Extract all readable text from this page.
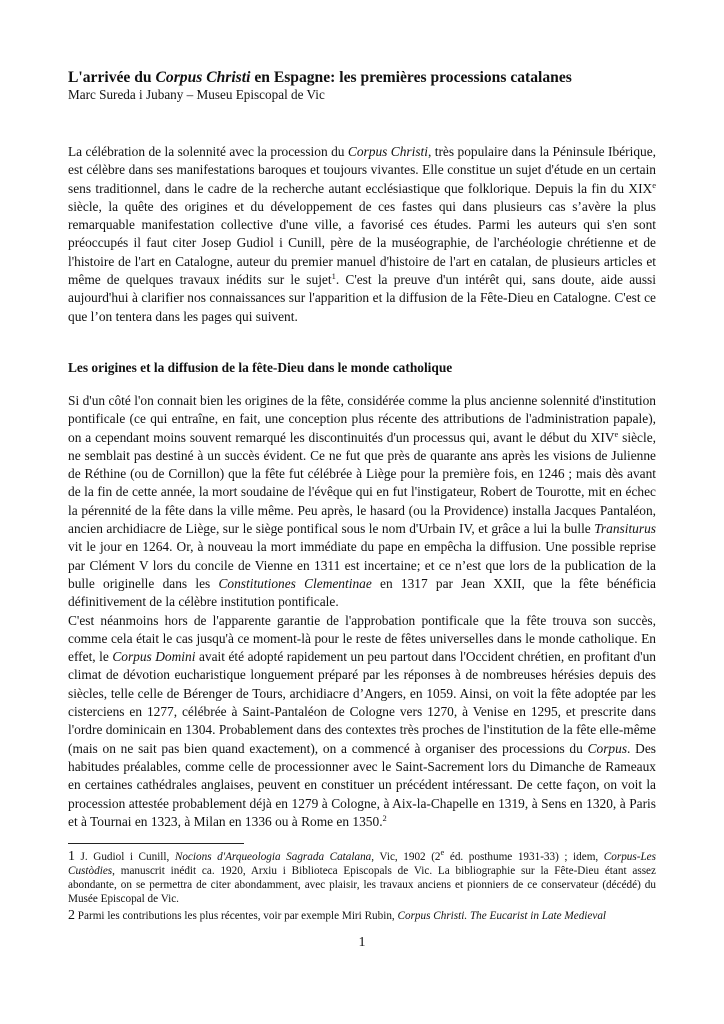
L'arrivée du Corpus Christi en Espagne: les premières processions catalanes

Marc Sureda i Jubany – Museu Episcopal de Vic

La célébration de la solennité avec la procession du Corpus Christi, très populaire dans la Péninsule Ibérique, est célèbre dans ses manifestations baroques et toujours vivantes. Elle constitue un sujet d'étude en un certain sens traditionnel, dans le cadre de la recherche autant ecclésiastique que folklorique. Depuis la fin du XIXe siècle, la quête des origines et du développement de ces fastes qui dans plusieurs cas s’avère la plus remarquable manifestation collective d'une ville, a favorisé ces études. Parmi les auteurs qui s'en sont préoccupés il faut citer Josep Gudiol i Cunill, père de la muséographie, de l'archéologie chrétienne et de l'histoire de l'art en Catalogne, auteur du premier manuel d'histoire de l'art en catalan, de plusieurs articles et même de quelques travaux inédits sur le sujet$^1$. C'est la preuve d'un intérêt qui, sans doute, aide aussi aujourd'hui à clarifier nos connaissances sur l'apparition et la diffusion de la Fête-Dieu en Catalogne. C'est ce que l’on tentera dans les pages qui suivent.

Les origines et la diffusion de la fête-Dieu dans le monde catholique

Si d'un côté l'on connait bien les origines de la fête, considérée comme la plus ancienne solennité d'institution pontificale (ce qui entraîne, en fait, une conception plus récente des attributions de l'administration papale), on a cependant moins souvent remarqué les discontinuités d'un processus qui, avant le début du XIVe siècle, ne semblait pas destiné à un succès évident. Ce ne fut que près de quarante ans après les visions de Julienne de Réthine (ou de Cornillon) que la fête fut célébrée à Liège pour la première fois, en 1246 ; mais dès avant de la fin de cette année, la mort soudaine de l'évêque qui en fut l'instigateur, Robert de Tourotte, mit en échec la pérennité de la fête dans la ville même. Peu après, le hasard (ou la Providence) installa Jacques Pantaléon, ancien archidiacre de Liège, sur le siège pontifical sous le nom d'Urbain IV, et grâce a lui la bulle Transiturus vit le jour en 1264. Or, à nouveau la mort immédiate du pape en empêcha la diffusion. Une possible reprise par Clément V lors du concile de Vienne en 1311 est incertaine; et ce n’est que lors de la publication de la bulle originelle dans les Constitutiones Clementinae en 1317 par Jean XXII, que la fête bénéficia définitivement de la célèbre institution pontificale.

C'est néanmoins hors de l'apparente garantie de l'approbation pontificale que la fête trouva son succès, comme cela était le cas jusqu'à ce moment-là pour le reste de fêtes universelles dans le monde catholique. En effet, le Corpus Domini avait été adopté rapidement un peu partout dans l'Occident chrétien, en profitant d'un climat de dévotion eucharistique longuement préparé par les réponses à de nombreuses hérésies depuis des siècles, telle celle de Bérenger de Tours, archidiacre d’Angers, en 1059. Ainsi, on voit la fête adoptée par les cisterciens en 1277, célébrée à Saint-Pantaléon de Cologne vers 1270, à Venise en 1295, et prescrite dans l'ordre dominicain en 1304. Probablement dans des contextes très proches de l'institution de la fête elle-même (mais on ne sait pas bien quand exactement), on a commencé à organiser des processions du Corpus. Des habitudes préalables, comme celle de processionner avec le Saint-Sacrement lors du Dimanche de Rameaux en certaines cathédrales anglaises, peuvent en constituer un précédent intéressant. De cette façon, on voit la procession attestée probablement déjà en 1279 à Cologne, à Aix-la-Chapelle en 1319, à Sens en 1320, à Paris et à Tournai en 1323, à Milan en 1336 ou à Rome en 1350.$^2$

1 J. Gudiol i Cunill, Nocions d'Arqueologia Sagrada Catalana, Vic, 1902 (2e éd. posthume 1931-33) ; idem, Corpus-Les Custòdies, manuscrit inédit ca. 1920, Arxiu i Biblioteca Episcopals de Vic. La bibliographie sur la Fête-Dieu étant assez abondante, on se permettra de citer abondamment, avec plaisir, les travaux anciens et pionniers de ce conservateur (décédé) du Musée Episcopal de Vic.

2 Parmi les contributions les plus récentes, voir par exemple Miri Rubin, Corpus Christi. The Eucarist in Late Medieval

1
